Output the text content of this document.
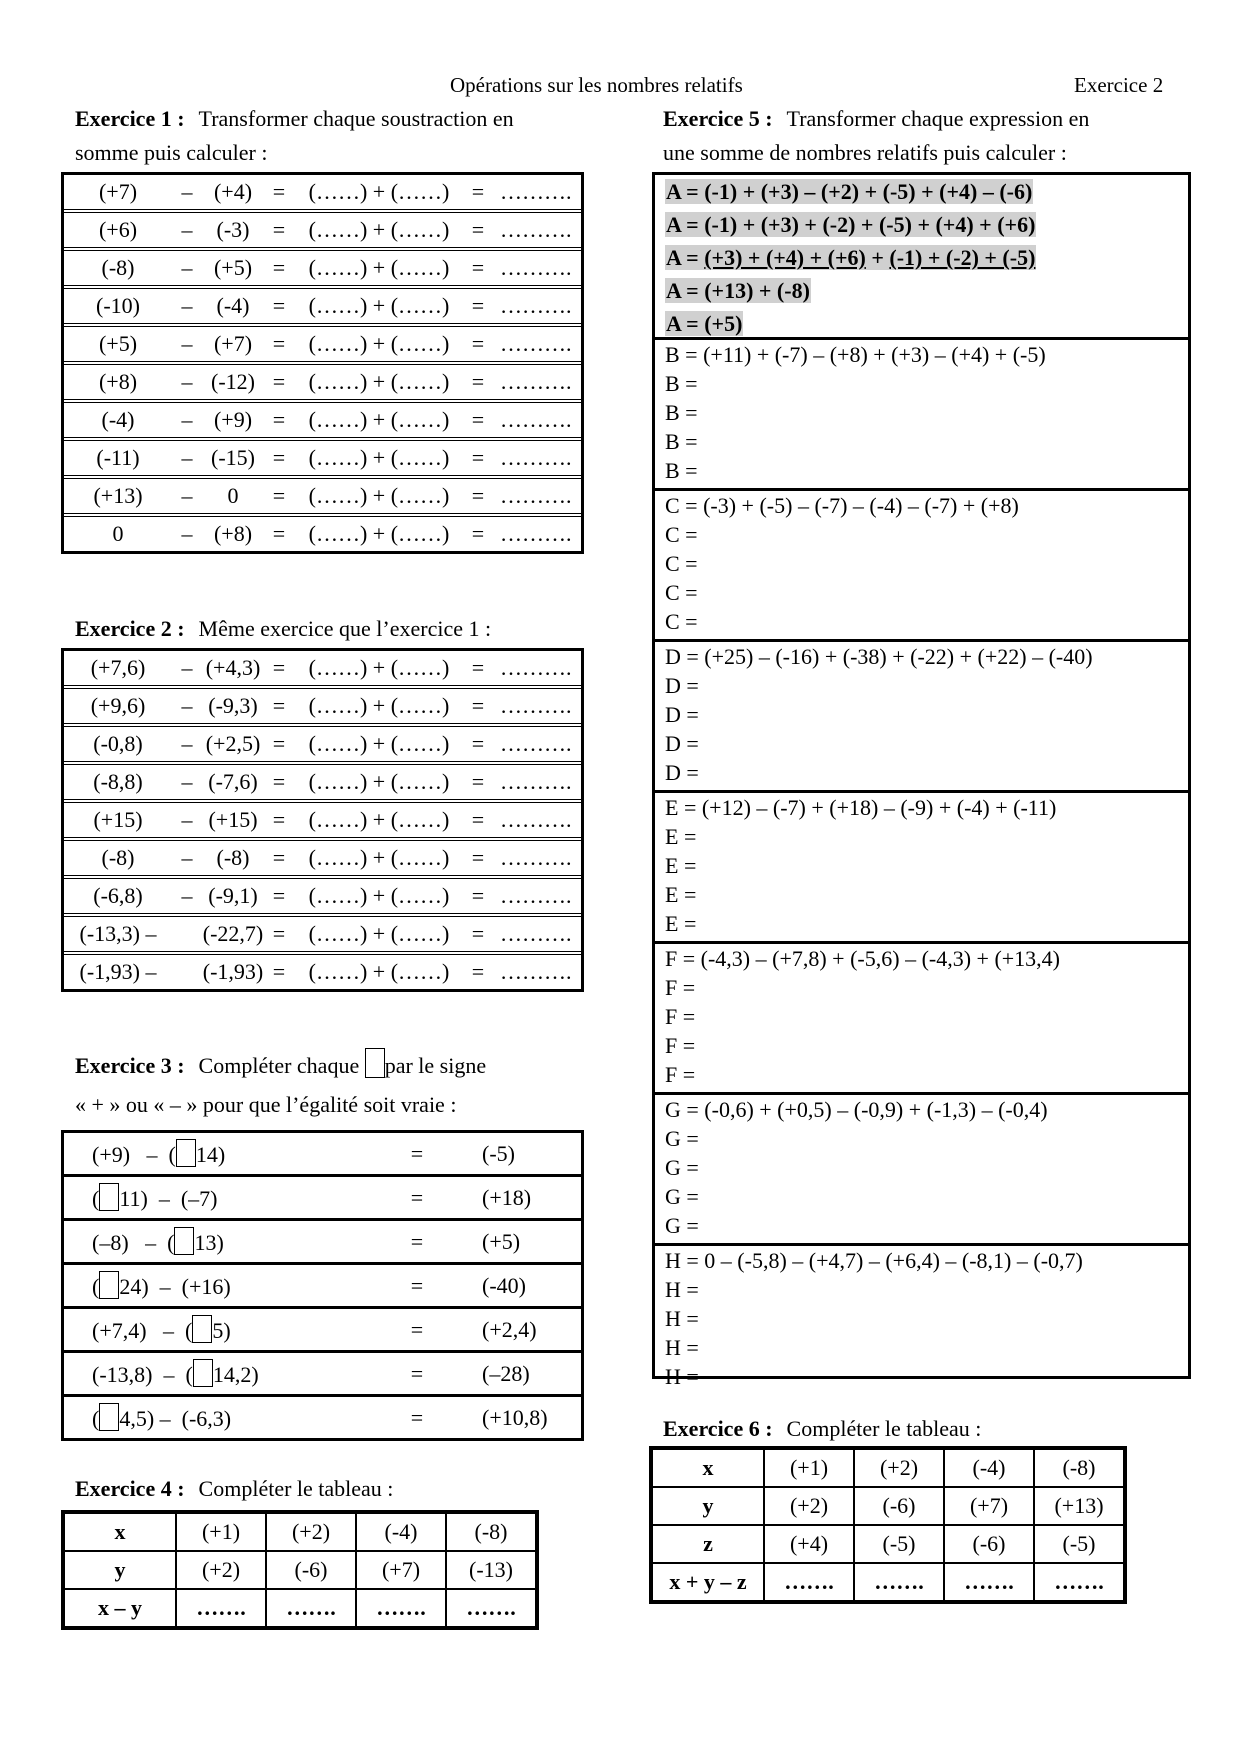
Opérations sur les nombres relatifs	Exercice 2
Exercice 1 : Transformer chaque soustraction en
somme puis calculer :
(+7)	–	(+4)	=	(……) + (……)	=	……….
(+6)	–	(-3)	=	(……) + (……)	=	……….
(-8)	–	(+5)	=	(……) + (……)	=	……….
(-10)	–	(-4)	=	(……) + (……)	=	……….
(+5)	–	(+7)	=	(……) + (……)	=	……….
(+8)	–	(-12)	=	(……) + (……)	=	……….
(-4)	–	(+9)	=	(……) + (……)	=	……….
(-11)	–	(-15)	=	(……) + (……)	=	……….
(+13)	–	0	=	(……) + (……)	=	……….
0	–	(+8)	=	(……) + (……)	=	……….
Exercice 2 : Même exercice que l’exercice 1 :
(+7,6)	–	(+4,3)	=	(……) + (……)	=	……….
(+9,6)	–	(-9,3)	=	(……) + (……)	=	……….
(-0,8)	–	(+2,5)	=	(……) + (……)	=	……….
(-8,8)	–	(-7,6)	=	(……) + (……)	=	……….
(+15)	–	(+15)	=	(……) + (……)	=	……….
(-8)	–	(-8)	=	(……) + (……)	=	……….
(-6,8)	–	(-9,1)	=	(……) + (……)	=	……….
(-13,3) –		(-22,7)	=	(……) + (……)	=	……….
(-1,93) –		(-1,93)	=	(……) + (……)	=	……….
Exercice 3 : Compléter chaque par le signe
« + » ou « – » pour que l’égalité soit vraie :
(+9)   –  ( 14)	=	(-5)
( 11)  –  (–7)	=	(+18)
(–8)   –  ( 13)	=	(+5)
( 24)  –  (+16)	=	(-40)
(+7,4)   –  ( 5)	=	(+2,4)
(-13,8)  –  ( 14,2)	=	(–28)
( 4,5) –  (-6,3)	=	(+10,8)
Exercice 4 : Compléter le tableau :
x	(+1)	(+2)	(-4)	(-8)
y	(+2)	(-6)	(+7)	(-13)
x – y	…….	…….	…….	…….
Exercice 5 : Transformer chaque expression en
une somme de nombres relatifs puis calculer :
A = (-1) + (+3) – (+2) + (-5) + (+4) – (-6)
A = (-1) + (+3) + (-2) + (-5) + (+4) + (+6)
A = (+3) + (+4) + (+6) + (-1) + (-2) + (-5)
A = (+13) + (-8)
A = (+5)
B = (+11) + (-7) – (+8) + (+3) – (+4) + (-5)
B =
B =
B =
B =
C = (-3) + (-5) – (-7) – (-4) – (-7) + (+8)
C =
C =
C =
C =
D = (+25) – (-16) + (-38) + (-22) + (+22) – (-40)
D =
D =
D =
D =
E = (+12) – (-7) + (+18) – (-9) + (-4) + (-11)
E =
E =
E =
E =
F = (-4,3) – (+7,8) + (-5,6) – (-4,3) + (+13,4)
F =
F =
F =
F =
G = (-0,6) + (+0,5) – (-0,9) + (-1,3) – (-0,4)
G =
G =
G =
G =
H = 0 – (-5,8) – (+4,7) – (+6,4) – (-8,1) – (-0,7)
H =
H =
H =
H =
Exercice 6 : Compléter le tableau :
x	(+1)	(+2)	(-4)	(-8)
y	(+2)	(-6)	(+7)	(+13)
z	(+4)	(-5)	(-6)	(-5)
x + y – z	…….	…….	…….	…….
